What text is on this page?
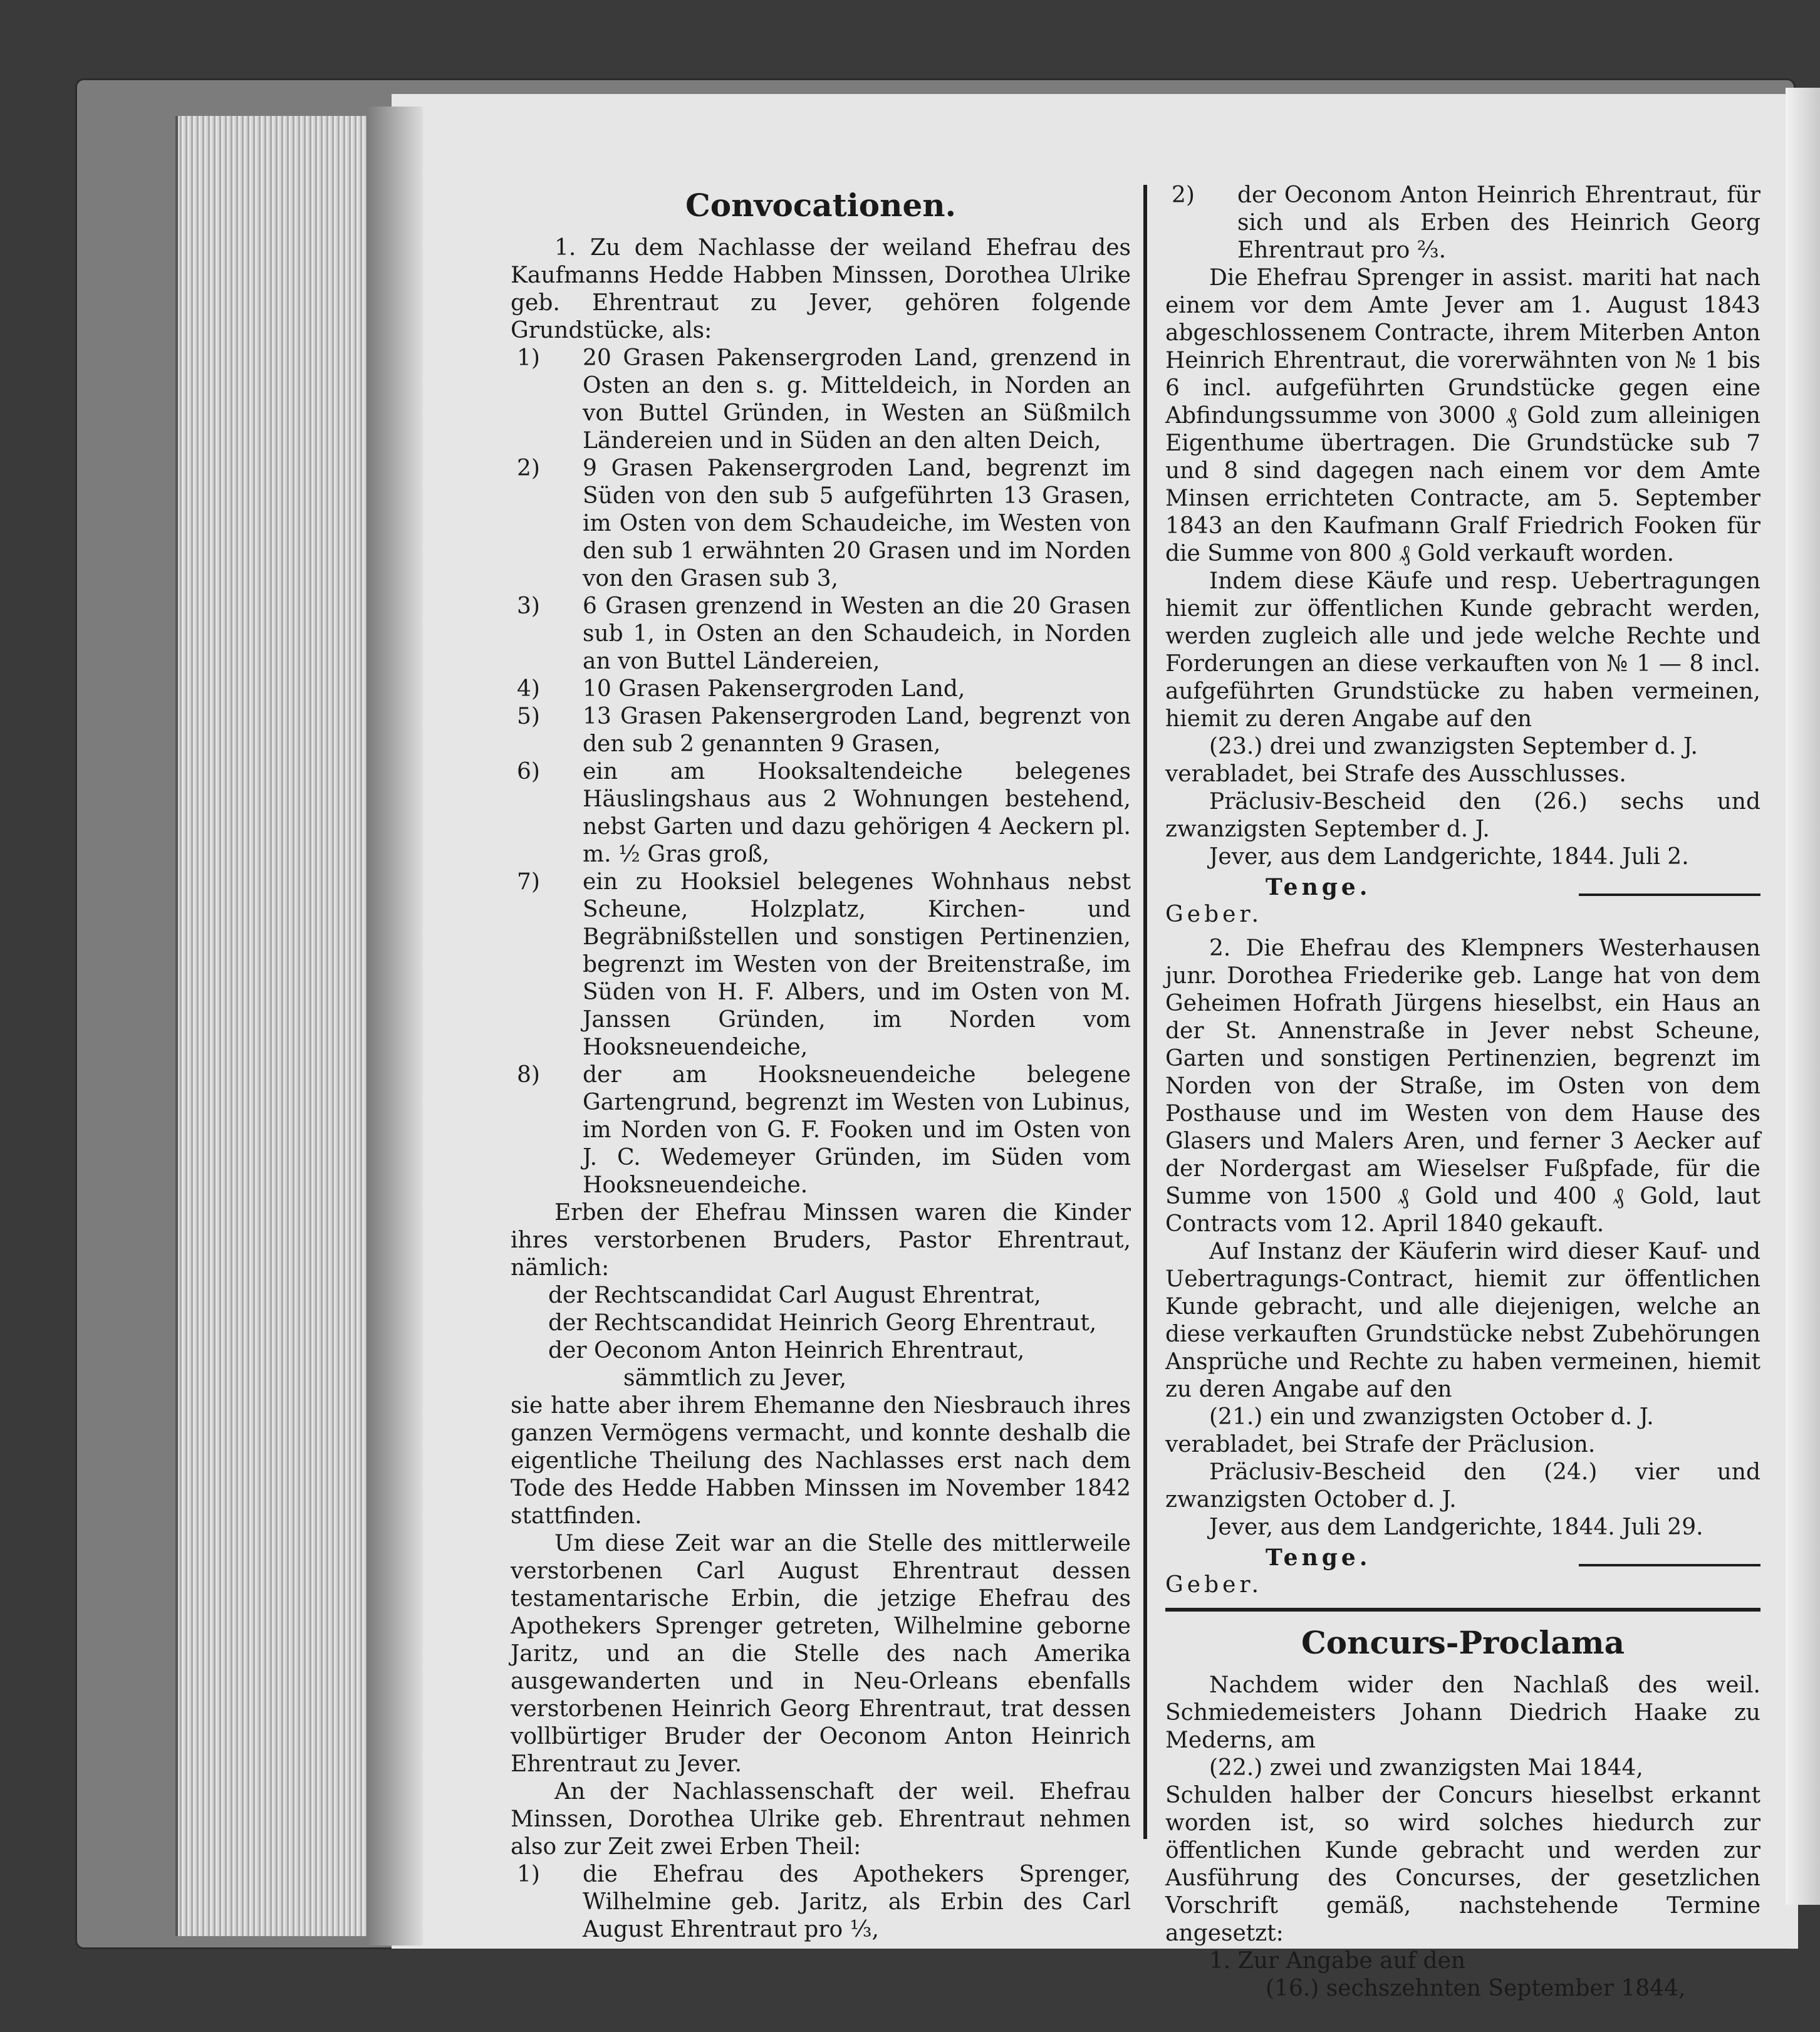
Convocationen.

1. Zu dem Nachlasse der weiland Ehefrau des Kaufmanns Hedde Habben Minssen, Dorothea Ulrike geb. Ehrentraut zu Jever, gehören folgende Grundstücke, als:

1)	20 Grasen Pakensergroden Land, grenzend in Osten an den s. g. Mitteldeich, in Norden an von Buttel Gründen, in Westen an Süßmilch Ländereien und in Süden an den alten Deich,
2)	9 Grasen Pakensergroden Land, begrenzt im Süden von den sub 5 aufgeführten 13 Grasen, im Osten von dem Schaudeiche, im Westen von den sub 1 erwähnten 20 Grasen und im Norden von den Grasen sub 3,
3)	6 Grasen grenzend in Westen an die 20 Grasen sub 1, in Osten an den Schaudeich, in Norden an von Buttel Ländereien,
4)	10 Grasen Pakensergroden Land,
5)	13 Grasen Pakensergroden Land, begrenzt von den sub 2 genannten 9 Grasen,
6)	ein am Hooksaltendeiche belegenes Häuslingshaus aus 2 Wohnungen bestehend, nebst Garten und dazu gehörigen 4 Aeckern pl. m. ½ Gras groß,
7)	ein zu Hooksiel belegenes Wohnhaus nebst Scheune, Holzplatz, Kirchen- und Begräbnißstellen und sonstigen Pertinenzien, begrenzt im Westen von der Breitenstraße, im Süden von H. F. Albers, und im Osten von M. Janssen Gründen, im Norden vom Hooksneuendeiche,
8)	der am Hooksneuendeiche belegene Gartengrund, begrenzt im Westen von Lubinus, im Norden von G. F. Fooken und im Osten von J. C. Wedemeyer Gründen, im Süden vom Hooksneuendeiche.

Erben der Ehefrau Minssen waren die Kinder ihres verstorbenen Bruders, Pastor Ehrentraut, nämlich:

der Rechtscandidat Carl August Ehrentrat,

der Rechtscandidat Heinrich Georg Ehrentraut,

der Oeconom Anton Heinrich Ehrentraut,

sämmtlich zu Jever,

sie hatte aber ihrem Ehemanne den Niesbrauch ihres ganzen Vermögens vermacht, und konnte deshalb die eigentliche Theilung des Nachlasses erst nach dem Tode des Hedde Habben Minssen im November 1842 stattfinden.

Um diese Zeit war an die Stelle des mittlerweile verstorbenen Carl August Ehrentraut dessen testamentarische Erbin, die jetzige Ehefrau des Apothekers Sprenger getreten, Wilhelmine geborne Jaritz, und an die Stelle des nach Amerika ausgewanderten und in Neu-Orleans ebenfalls verstorbenen Heinrich Georg Ehrentraut, trat dessen vollbürtiger Bruder der Oeconom Anton Heinrich Ehrentraut zu Jever.

An der Nachlassenschaft der weil. Ehefrau Minssen, Dorothea Ulrike geb. Ehrentraut nehmen also zur Zeit zwei Erben Theil:

1)	die Ehefrau des Apothekers Sprenger, Wilhelmine geb. Jaritz, als Erbin des Carl August Ehrentraut pro ⅓,
2)	der Oeconom Anton Heinrich Ehrentraut, für sich und als Erben des Heinrich Georg Ehrentraut pro ⅔.

Die Ehefrau Sprenger in assist. mariti hat nach einem vor dem Amte Jever am 1. August 1843 abgeschlossenem Contracte, ihrem Miterben Anton Heinrich Ehrentraut, die vorerwähnten von № 1 bis 6 incl. aufgeführten Grundstücke gegen eine Abfindungssumme von 3000 ₰ Gold zum alleinigen Eigenthume übertragen. Die Grundstücke sub 7 und 8 sind dagegen nach einem vor dem Amte Minsen errichteten Contracte, am 5. September 1843 an den Kaufmann Gralf Friedrich Fooken für die Summe von 800 ₰ Gold verkauft worden.

Indem diese Käufe und resp. Uebertragungen hiemit zur öffentlichen Kunde gebracht werden, werden zugleich alle und jede welche Rechte und Forderungen an diese verkauften von № 1 — 8 incl. aufgeführten Grundstücke zu haben vermeinen, hiemit zu deren Angabe auf den

(23.) drei und zwanzigsten September d. J.

verabladet, bei Strafe des Ausschlusses.

Präclusiv-Bescheid den (26.) sechs und zwanzigsten September d. J.

Jever, aus dem Landgerichte, 1844. Juli 2.

Tenge.

Geber.

2. Die Ehefrau des Klempners Westerhausen junr. Dorothea Friederike geb. Lange hat von dem Geheimen Hofrath Jürgens hieselbst, ein Haus an der St. Annenstraße in Jever nebst Scheune, Garten und sonstigen Pertinenzien, begrenzt im Norden von der Straße, im Osten von dem Posthause und im Westen von dem Hause des Glasers und Malers Aren, und ferner 3 Aecker auf der Nordergast am Wieselser Fußpfade, für die Summe von 1500 ₰ Gold und 400 ₰ Gold, laut Contracts vom 12. April 1840 gekauft.

Auf Instanz der Käuferin wird dieser Kauf- und Uebertragungs-Contract, hiemit zur öffentlichen Kunde gebracht, und alle diejenigen, welche an diese verkauften Grundstücke nebst Zubehörungen Ansprüche und Rechte zu haben vermeinen, hiemit zu deren Angabe auf den

(21.) ein und zwanzigsten October d. J.

verabladet, bei Strafe der Präclusion.

Präclusiv-Bescheid den (24.) vier und zwanzigsten October d. J.

Jever, aus dem Landgerichte, 1844. Juli 29.

Tenge.

Geber.

Concurs-Proclama

Nachdem wider den Nachlaß des weil. Schmiedemeisters Johann Diedrich Haake zu Mederns, am

(22.) zwei und zwanzigsten Mai 1844,

Schulden halber der Concurs hieselbst erkannt worden ist, so wird solches hiedurch zur öffentlichen Kunde gebracht und werden zur Ausführung des Concurses, der gesetzlichen Vorschrift gemäß, nachstehende Termine angesetzt:

1. Zur Angabe auf den

(16.) sechszehnten September 1844,
